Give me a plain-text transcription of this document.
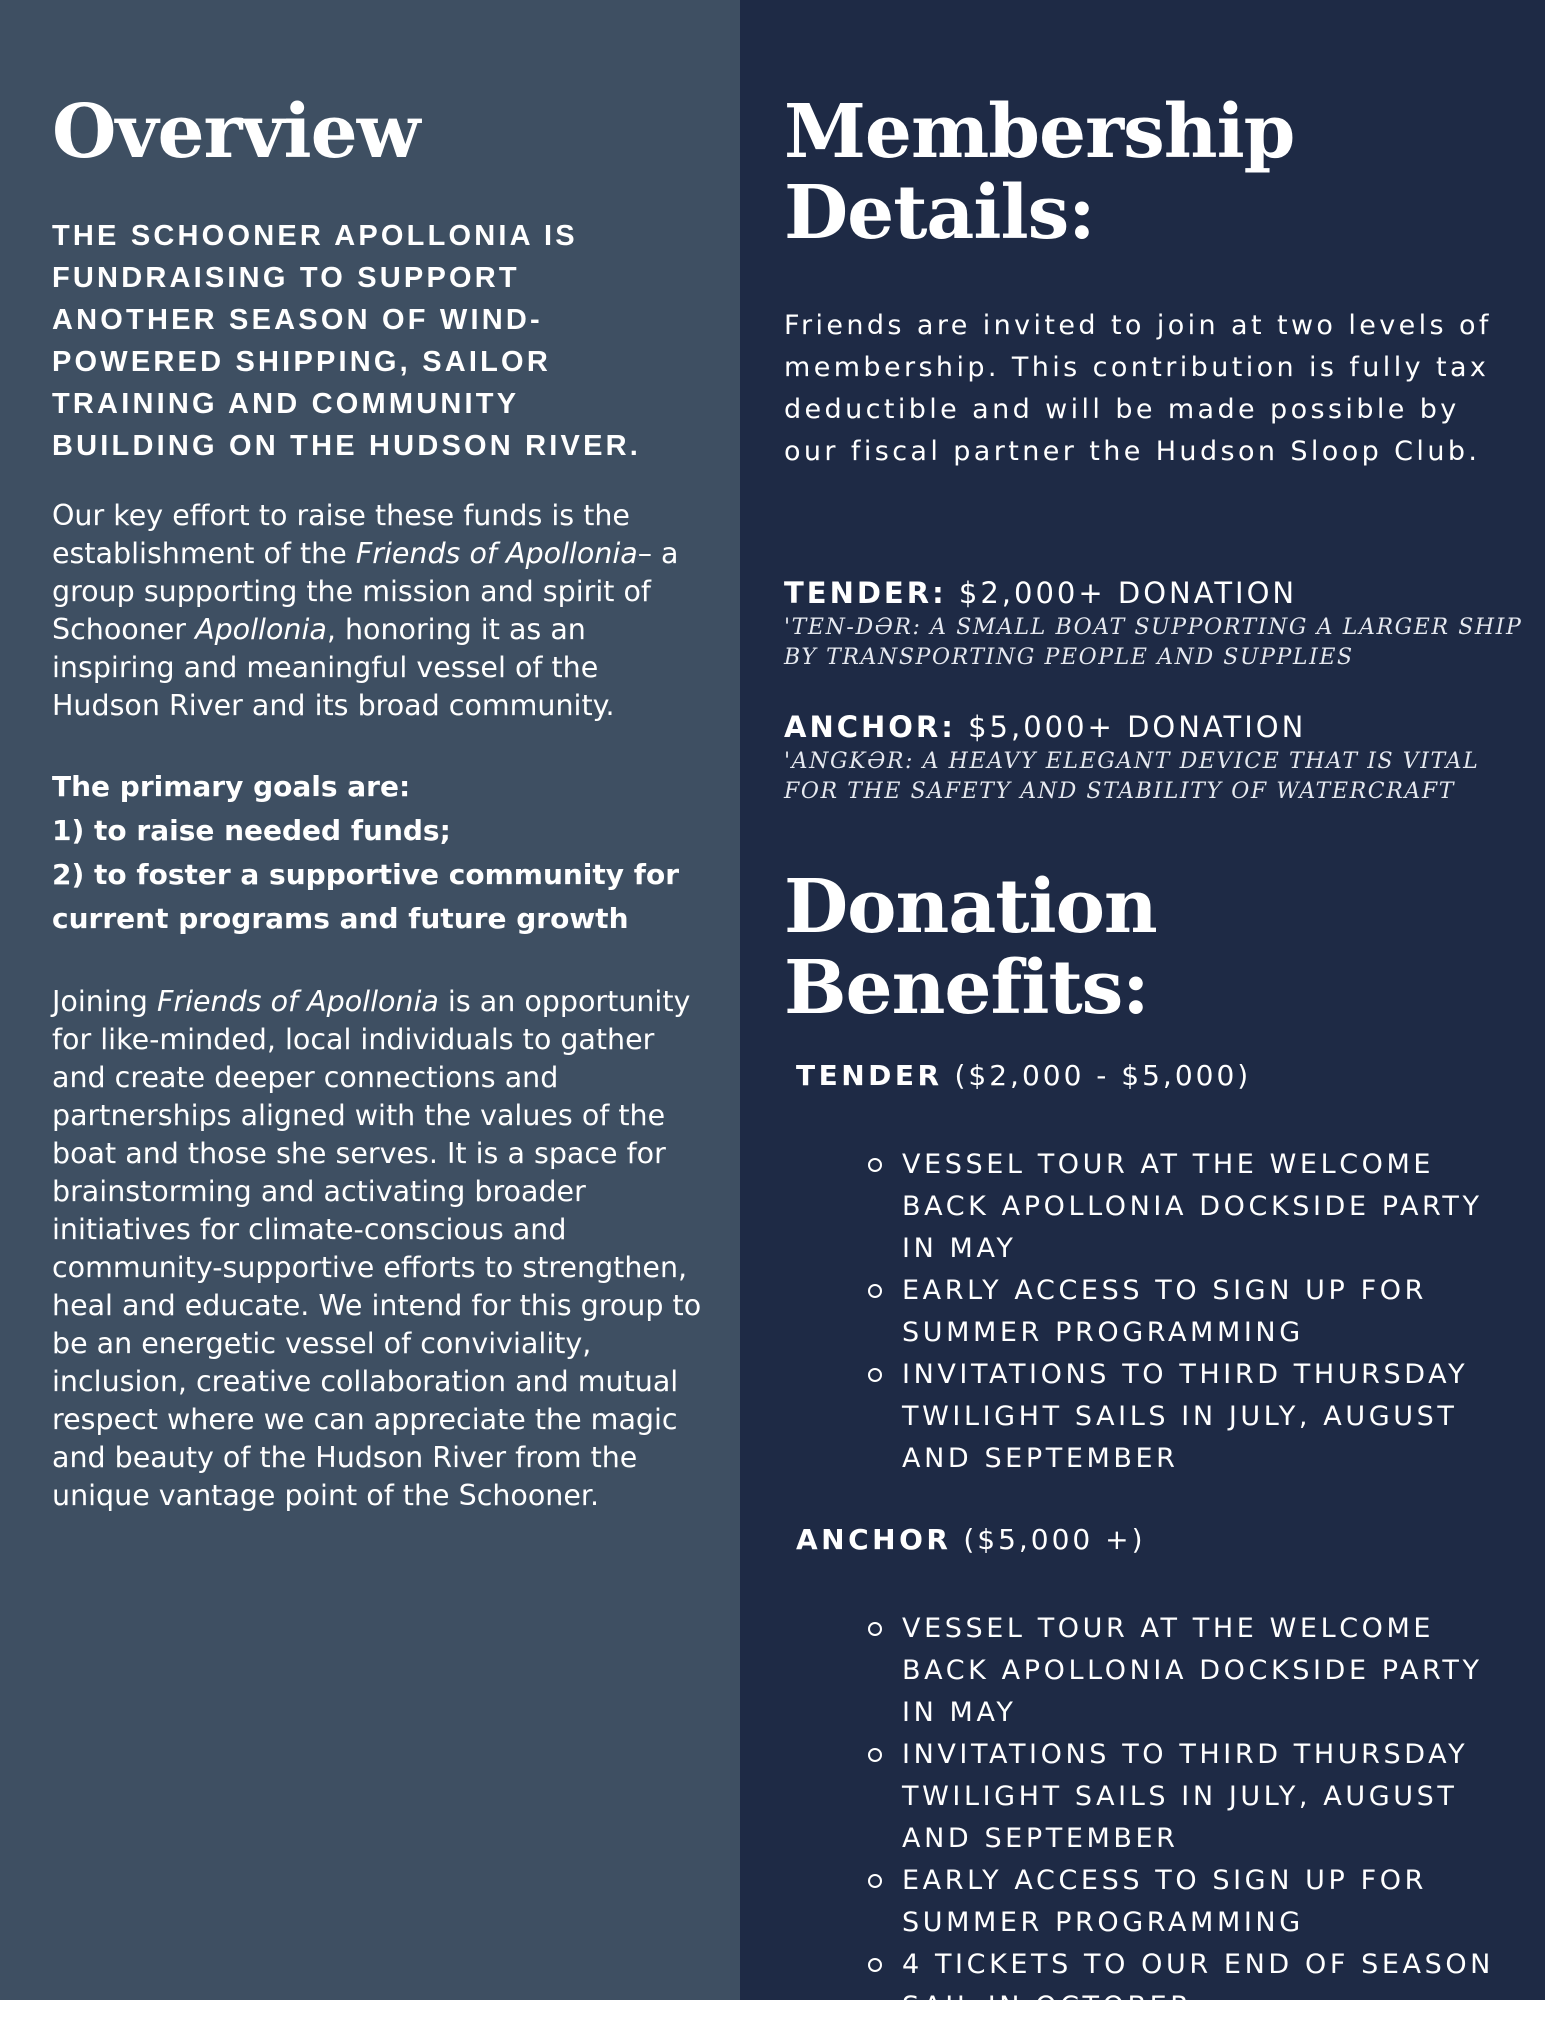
Overview

THE SCHOONER APOLLONIA IS FUNDRAISING TO SUPPORT ANOTHER SEASON OF WIND-POWERED SHIPPING, SAILOR TRAINING AND COMMUNITY BUILDING ON THE HUDSON RIVER.

Our key effort to raise these funds is the establishment of the Friends of Apollonia– a group supporting the mission and spirit of Schooner Apollonia, honoring it as an inspiring and meaningful vessel of the Hudson River and its broad community.

The primary goals are:
1) to raise needed funds;
2) to foster a supportive community for current programs and future growth

Joining Friends of Apollonia is an opportunity for like-minded, local individuals to gather and create deeper connections and partnerships aligned with the values of the boat and those she serves. It is a space for brainstorming and activating broader initiatives for climate-conscious and community-supportive efforts to strengthen, heal and educate. We intend for this group to be an energetic vessel of conviviality, inclusion, creative collaboration and mutual respect where we can appreciate the magic and beauty of the Hudson River from the unique vantage point of the Schooner.

Membership Details:

Friends are invited to join at two levels of membership. This contribution is fully tax deductible and will be made possible by our fiscal partner the Hudson Sloop Club.

TENDER: $2,000+ DONATION
'TEN-DƏR: A SMALL BOAT SUPPORTING A LARGER SHIP BY TRANSPORTING PEOPLE AND SUPPLIES
ANCHOR: $5,000+ DONATION
'ANGKƏR: A HEAVY ELEGANT DEVICE THAT IS VITAL FOR THE SAFETY AND STABILITY OF WATERCRAFT
Donation Benefits:
TENDER ($2,000 - $5,000)
VESSEL TOUR AT THE WELCOME BACK APOLLONIA DOCKSIDE PARTY IN MAY
EARLY ACCESS TO SIGN UP FOR SUMMER PROGRAMMING
INVITATIONS TO THIRD THURSDAY TWILIGHT SAILS IN JULY, AUGUST AND SEPTEMBER
ANCHOR ($5,000 +)
VESSEL TOUR AT THE WELCOME BACK APOLLONIA DOCKSIDE PARTY IN MAY
INVITATIONS TO THIRD THURSDAY TWILIGHT SAILS IN JULY, AUGUST AND SEPTEMBER
EARLY ACCESS TO SIGN UP FOR SUMMER PROGRAMMING
4 TICKETS TO OUR END OF SEASON SAIL IN OCTOBER
